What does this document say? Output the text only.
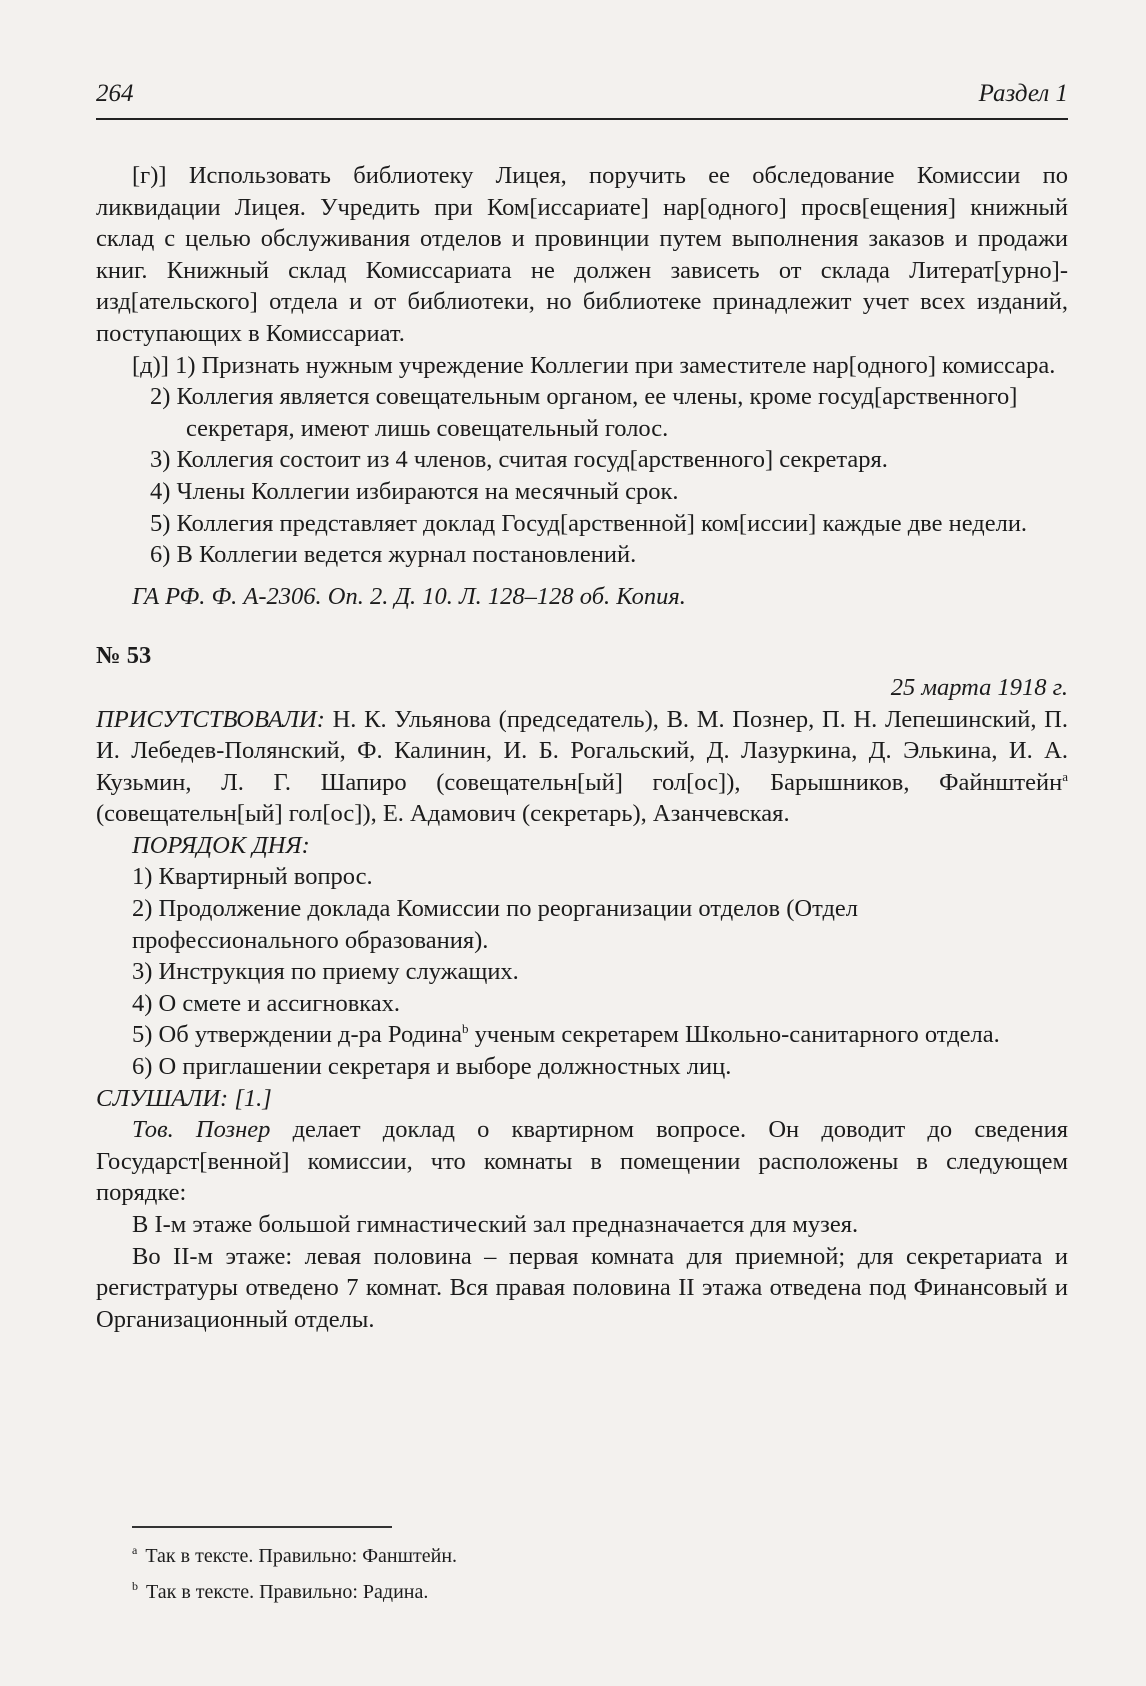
264	Раздел 1

[г)] Использовать библиотеку Лицея, поручить ее обследование Комиссии по ликвидации Лицея. Учредить при Ком[иссариате] нар[одного] просв[ещения] книжный склад с целью обслуживания отделов и провинции путем выполнения заказов и продажи книг. Книжный склад Комиссариата не должен зависеть от склада Литерат[урно]-изд[ательского] отдела и от библиотеки, но библиотеке принадлежит учет всех изданий, поступающих в Комиссариат.

[д)] 1) Признать нужным учреждение Коллегии при заместителе нар[одного] комиссара.

2) Коллегия является совещательным органом, ее члены, кроме госуд[арственного] секретаря, имеют лишь совещательный голос.

3) Коллегия состоит из 4 членов, считая госуд[арственного] секретаря.

4) Члены Коллегии избираются на месячный срок.

5) Коллегия представляет доклад Госуд[арственной] ком[иссии] каждые две недели.

6) В Коллегии ведется журнал постановлений.

ГА РФ. Ф. А-2306. Оп. 2. Д. 10. Л. 128–128 об. Копия.

№ 53

25 марта 1918 г.

ПРИСУТСТВОВАЛИ: Н. К. Ульянова (председатель), В. М. Познер, П. Н. Лепешинский, П. И. Лебедев-Полянский, Ф. Калинин, И. Б. Рогальский, Д. Лазуркина, Д. Элькина, И. А. Кузьмин, Л. Г. Шапиро (совещательн[ый] гол[ос]), Барышников, Файнштейн$^a$ (совещательн[ый] гол[ос]), Е. Адамович (секретарь), Азанчевская.

ПОРЯДОК ДНЯ:

1) Квартирный вопрос.

2) Продолжение доклада Комиссии по реорганизации отделов (Отдел профессионального образования).

3) Инструкция по приему служащих.

4) О смете и ассигновках.

5) Об утверждении д-ра Родина$^b$ ученым секретарем Школьно-санитарного отдела.

6) О приглашении секретаря и выборе должностных лиц.

СЛУШАЛИ: [1.]

Тов. Познер делает доклад о квартирном вопросе. Он доводит до сведения Государст[венной] комиссии, что комнаты в помещении расположены в следующем порядке:

В I-м этаже большой гимнастический зал предназначается для музея.

Во II-м этаже: левая половина – первая комната для приемной; для секретариата и регистратуры отведено 7 комнат. Вся правая половина II этажа отведена под Финансовый и Организационный отделы.

$^a$ Так в тексте. Правильно: Фанштейн.

$^b$ Так в тексте. Правильно: Радина.
